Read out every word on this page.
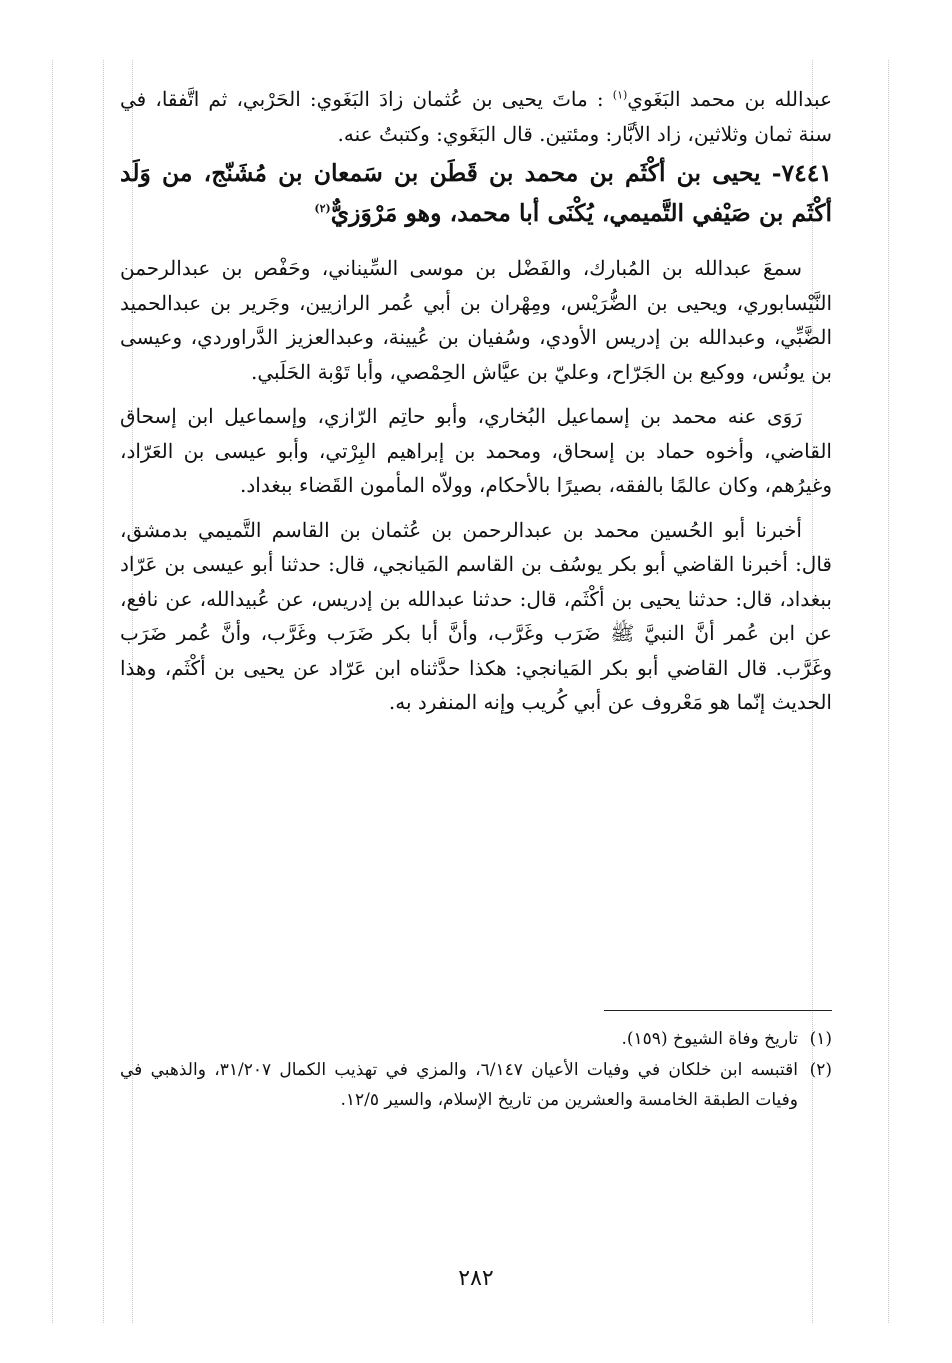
عبدالله بن محمد البَغَوي$^{(١)}$ : ماتَ يحيى بن عُثمان زادَ البَغَوي: الحَرْبي، ثم اتَّفقا، في سنة ثمان وثلاثين، زاد الأبَّار: ومئتين. قال البَغَوي: وكتبتُ عنه.

٧٤٤١- يحيى بن أكْثَم بن محمد بن قَطَن بن سَمعان بن مُشَنّج، من وَلَد أكْثَم بن صَيْفي التَّميمي، يُكْنَى أبا محمد، وهو مَرْوَزيٌّ$^{(٢)}$

سمعَ عبدالله بن المُبارك، والفَضْل بن موسى السِّيناني، وحَفْص بن عبدالرحمن النَّيْسابوري، ويحيى بن الضُّرَيْس، ومِهْران بن أبي عُمر الرازيين، وجَرير بن عبدالحميد الضَّبِّي، وعبدالله بن إدريس الأودي، وسُفيان بن عُيينة، وعبدالعزيز الدَّراوردي، وعيسى بن يونُس، ووكيع بن الجَرّاح، وعليّ بن عيَّاش الحِمْصي، وأبا تَوْبة الحَلَبي.

رَوَى عنه محمد بن إسماعيل البُخاري، وأبو حاتِم الرّازي، وإسماعيل ابن إسحاق القاضي، وأخوه حماد بن إسحاق، ومحمد بن إبراهيم البِرْتي، وأبو عيسى بن العَرّاد، وغيرُهم، وكان عالمًا بالفقه، بصيرًا بالأحكام، وولاّه المأمون القَضاء ببغداد.

أخبرنا أبو الحُسين محمد بن عبدالرحمن بن عُثمان بن القاسم التَّميمي بدمشق، قال: أخبرنا القاضي أبو بكر يوسُف بن القاسم المَيانجي، قال: حدثنا أبو عيسى بن عَرّاد ببغداد، قال: حدثنا يحيى بن أكْثَم، قال: حدثنا عبدالله بن إدريس، عن عُبيدالله، عن نافع، عن ابن عُمر أنَّ النبيَّ ﷺ ضَرَب وغَرَّب، وأنَّ أبا بكر ضَرَب وغَرَّب، وأنَّ عُمر ضَرَب وغَرَّب. قال القاضي أبو بكر المَيانجي: هكذا حدَّثناه ابن عَرّاد عن يحيى بن أكْثَم، وهذا الحديث إنّما هو مَعْروف عن أبي كُريب وإنه المنفرد به.

(١)
تاريخ وفاة الشيوخ (١٥٩).

(٢)
اقتبسه ابن خلكان في وفيات الأعيان ٦/١٤٧، والمزي في تهذيب الكمال ٣١/٢٠٧، والذهبي في وفيات الطبقة الخامسة والعشرين من تاريخ الإسلام، والسير ١٢/٥.

٢٨٢
